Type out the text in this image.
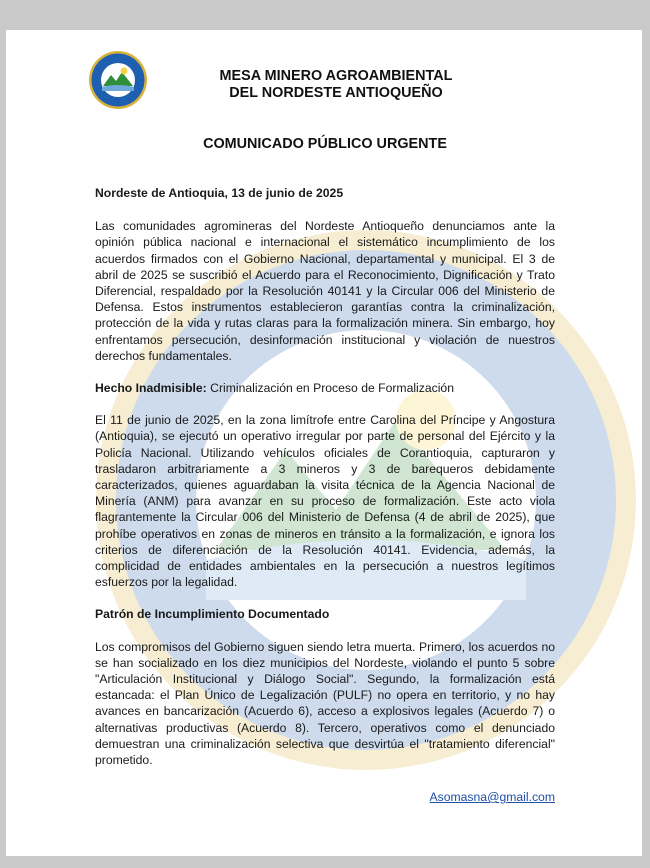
MESA MINERO AGROAMBIENTAL
DEL NORDESTE ANTIOQUEÑO
COMUNICADO PÚBLICO URGENTE

Nordeste de Antioquia, 13 de junio de 2025

Las comunidades agromineras del Nordeste Antioqueño denunciamos ante la opinión pública nacional e internacional el sistemático incumplimiento de los acuerdos firmados con el Gobierno Nacional, departamental y municipal. El 3 de abril de 2025 se suscribió el Acuerdo para el Reconocimiento, Dignificación y Trato Diferencial, respaldado por la Resolución 40141 y la Circular 006 del Ministerio de Defensa. Estos instrumentos establecieron garantías contra la criminalización, protección de la vida y rutas claras para la formalización minera. Sin embargo, hoy enfrentamos persecución, desinformación institucional y violación de nuestros derechos fundamentales.

Hecho Inadmisible: Criminalización en Proceso de Formalización

El 11 de junio de 2025, en la zona limítrofe entre Carolina del Príncipe y Angostura (Antioquia), se ejecutó un operativo irregular por parte de personal del Ejército y la Policía Nacional. Utilizando vehículos oficiales de Corantioquia, capturaron y trasladaron arbitrariamente a 3 mineros y 3 de barequeros debidamente caracterizados, quienes aguardaban la visita técnica de la Agencia Nacional de Minería (ANM) para avanzar en su proceso de formalización. Este acto viola flagrantemente la Circular 006 del Ministerio de Defensa (4 de abril de 2025), que prohíbe operativos en zonas de mineros en tránsito a la formalización, e ignora los criterios de diferenciación de la Resolución 40141. Evidencia, además, la complicidad de entidades ambientales en la persecución a nuestros legítimos esfuerzos por la legalidad.

Patrón de Incumplimiento Documentado

Los compromisos del Gobierno siguen siendo letra muerta. Primero, los acuerdos no se han socializado en los diez municipios del Nordeste, violando el punto 5 sobre "Articulación Institucional y Diálogo Social". Segundo, la formalización está estancada: el Plan Único de Legalización (PULF) no opera en territorio, y no hay avances en bancarización (Acuerdo 6), acceso a explosivos legales (Acuerdo 7) o alternativas productivas (Acuerdo 8). Tercero, operativos como el denunciado demuestran una criminalización selectiva que desvirtúa el "tratamiento diferencial" prometido.

Asomasna@gmail.com
